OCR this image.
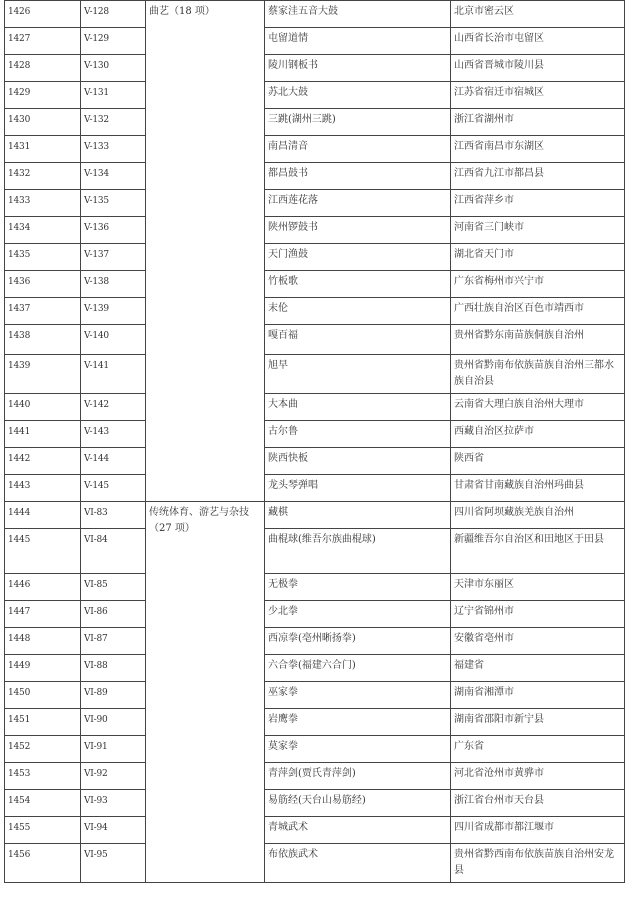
1426	V-128	曲艺（18 项）	蔡家洼五音大鼓	北京市密云区
1427	V-129		屯留道情	山西省长治市屯留区
1428	V-130		陵川钢板书	山西省晋城市陵川县
1429	V-131		苏北大鼓	江苏省宿迁市宿城区
1430	V-132		三跳(湖州三跳)	浙江省湖州市
1431	V-133		南昌清音	江西省南昌市东湖区
1432	V-134		都昌鼓书	江西省九江市都昌县
1433	V-135		江西莲花落	江西省萍乡市
1434	V-136		陕州锣鼓书	河南省三门峡市
1435	V-137		天门渔鼓	湖北省天门市
1436	V-138		竹板歌	广东省梅州市兴宁市
1437	V-139		末伦	广西壮族自治区百色市靖西市
1438	V-140		嘎百福	贵州省黔东南苗族侗族自治州
1439	V-141		旭早	贵州省黔南布依族苗族自治州三都水族自治县
1440	V-142		大本曲	云南省大理白族自治州大理市
1441	V-143		古尔鲁	西藏自治区拉萨市
1442	V-144		陕西快板	陕西省
1443	V-145		龙头琴弹唱	甘肃省甘南藏族自治州玛曲县
1444	VI-83	传统体育、游艺与杂技（27 项）	藏棋	四川省阿坝藏族羌族自治州
1445	VI-84		曲棍球(维吾尔族曲棍球)	新疆维吾尔自治区和田地区于田县
1446	VI-85		无极拳	天津市东丽区
1447	VI-86		少北拳	辽宁省锦州市
1448	VI-87		西凉拳(亳州晰扬拳)	安徽省亳州市
1449	VI-88		六合拳(福建六合门)	福建省
1450	VI-89		巫家拳	湖南省湘潭市
1451	VI-90		岩鹰拳	湖南省邵阳市新宁县
1452	VI-91		莫家拳	广东省
1453	VI-92		青萍剑(贾氏青萍剑)	河北省沧州市黄骅市
1454	VI-93		易筋经(天台山易筋经)	浙江省台州市天台县
1455	VI-94		青城武术	四川省成都市都江堰市
1456	VI-95		布依族武术	贵州省黔西南布依族苗族自治州安龙县
